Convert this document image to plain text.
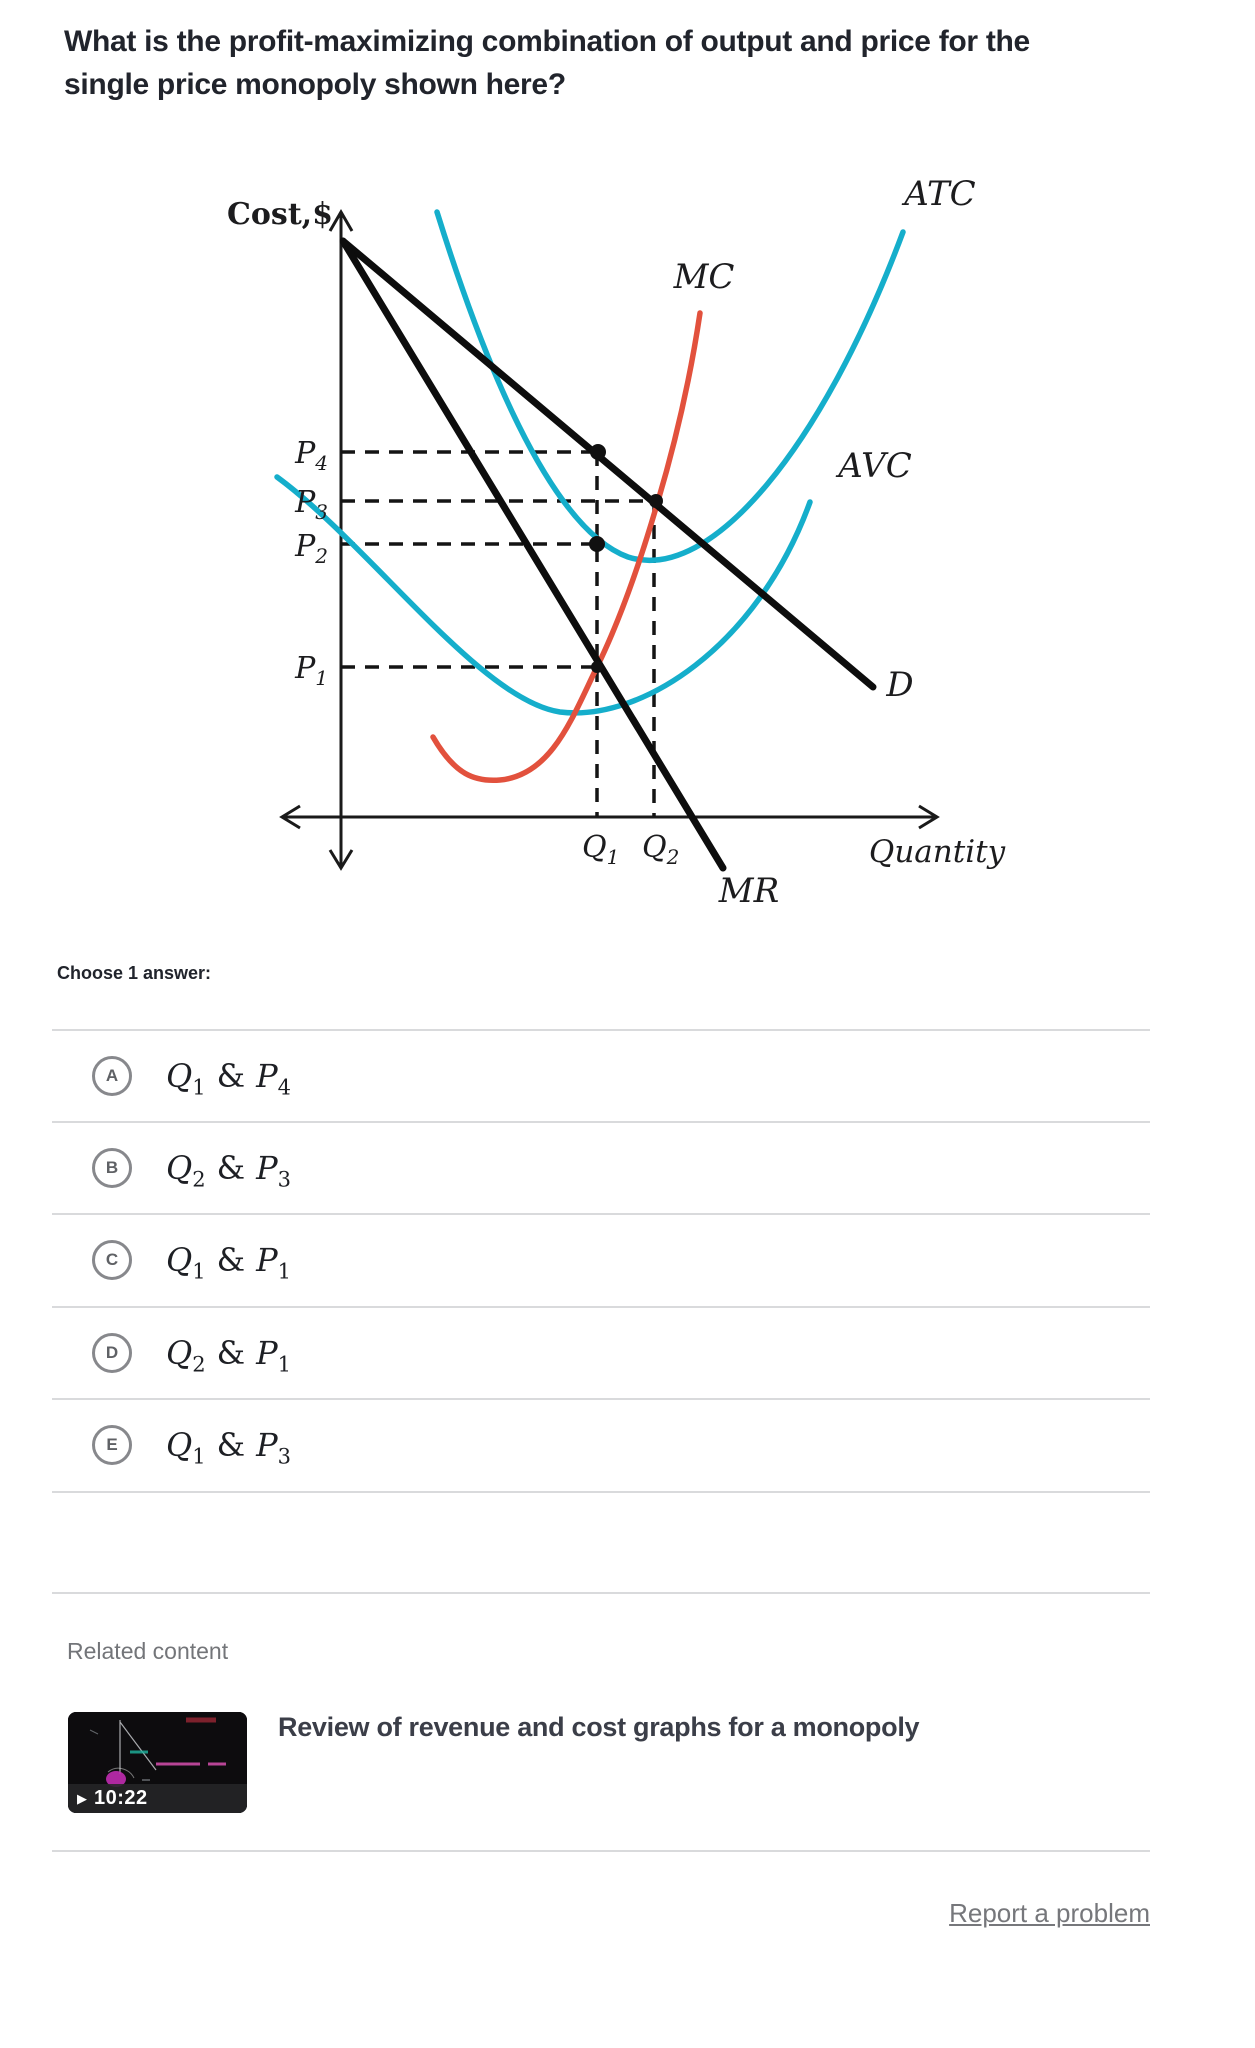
What is the profit-maximizing combination of output and price for the
single price monopoly shown here?
Cost,$
Quantity
ATC
MC
AVC
D
MR
$P_4$
$P_3$
$P_2$
$P_1$
$Q_1$ $Q_2$
Choose 1 answer:
A	$Q_1$ & $P_4$
B	$Q_2$ & $P_3$
C	$Q_1$ & $P_1$
D	$Q_2$ & $P_1$
E	$Q_1$ & $P_3$
Related content
▶ 10:22
Review of revenue and cost graphs for a monopoly
Report a problem
